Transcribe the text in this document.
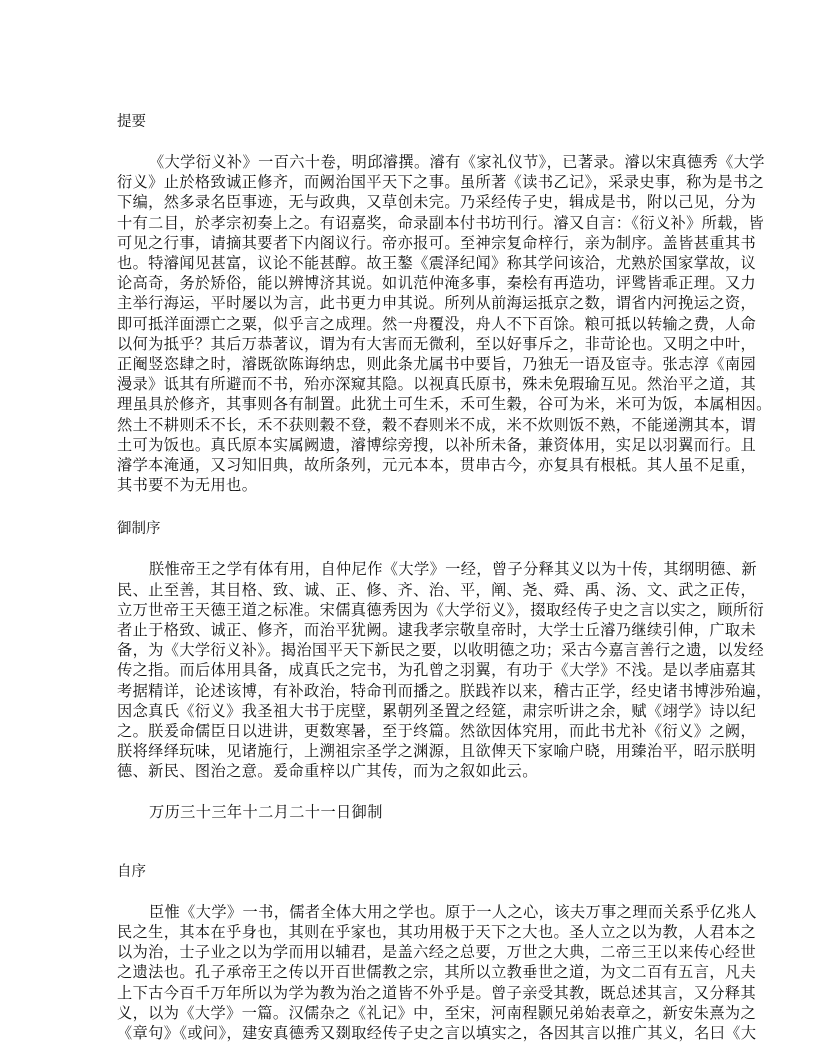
提要
《大学衍义补》一百六十卷，明邱濬撰。濬有《家礼仪节》，已著录。濬以宋真德秀《大学
衍义》止於格致诚正修齐，而阙治国平天下之事。虽所著《读书乙记》，采录史事，称为是书之
下编，然多录名臣事迹，无与政典，又草创未完。乃采经传子史，辑成是书，附以己见，分为
十有二目，於孝宗初奏上之。有诏嘉奖，命录副本付书坊刊行。濬又自言：《衍义补》所载，皆
可见之行事，请摘其要者下内阁议行。帝亦报可。至神宗复命梓行，亲为制序。盖皆甚重其书
也。特濬闻见甚富，议论不能甚醇。故王鏊《震泽纪闻》称其学问该洽，尤熟於国家掌故，议
论高奇，务於矫俗，能以辨博济其说。如讥范仲淹多事，秦桧有再造功，评骘皆乖正理。又力
主举行海运，平时屡以为言，此书更力申其说。所列从前海运抵京之数，谓省内河挽运之资，
即可抵洋面漂亡之粟，似乎言之成理。然一舟覆没，舟人不下百馀。粮可抵以转输之费，人命
以何为抵乎？其后万恭著议，谓为有大害而无微利，至以好事斥之，非苛论也。又明之中叶，
正阉竖恣肆之时，濬既欲陈诲纳忠，则此条尤属书中要旨，乃独无一语及宦寺。张志淳《南园
漫录》诋其有所避而不书，殆亦深窥其隐。以视真氏原书，殊未免瑕瑜互见。然治平之道，其
理虽具於修齐，其事则各有制置。此犹土可生禾，禾可生穀，谷可为米，米可为饭，本属相因。
然土不耕则禾不长，禾不获则穀不登，穀不舂则米不成，米不炊则饭不熟，不能递溯其本，谓
土可为饭也。真氏原本实属阙遗，濬博综旁搜，以补所未备，兼资体用，实足以羽翼而行。且
濬学本淹通，又习知旧典，故所条列，元元本本，贯串古今，亦复具有根柢。其人虽不足重，
其书要不为无用也。
御制序
朕惟帝王之学有体有用，自仲尼作《大学》一经，曾子分释其义以为十传，其纲明德、新
民、止至善，其目格、致、诚、正、修、齐、治、平，阐、尧、舜、禹、汤、文、武之正传，
立万世帝王天德王道之标准。宋儒真德秀因为《大学衍义》，掇取经传子史之言以实之，顾所衍
者止于格致、诚正、修齐，而治平犹阙。逮我孝宗敬皇帝时，大学士丘濬乃继续引伸，广取未
备，为《大学衍义补》。揭治国平天下新民之要，以收明德之功；采古今嘉言善行之遗，以发经
传之指。而后体用具备，成真氏之完书，为孔曾之羽翼，有功于《大学》不浅。是以孝庙嘉其
考据精详，论述该博，有补政治，特命刊而播之。朕践祚以来，稽古正学，经史诸书博涉殆遍，
因念真氏《衍义》我圣祖大书于庑壁，累朝列圣置之经筵，肃宗听讲之余，赋《翊学》诗以纪
之。朕爰命儒臣日以进讲，更数寒暑，至于终篇。然欲因体究用，而此书尤补《衍义》之阙，
朕将绎绎玩味，见诸施行，上溯祖宗圣学之渊源，且欲俾天下家喻户晓，用臻治平，昭示朕明
德、新民、图治之意。爰命重梓以广其传，而为之叙如此云。
万历三十三年十二月二十一日御制
自序
臣惟《大学》一书，儒者全体大用之学也。原于一人之心，该夫万事之理而关系乎亿兆人
民之生，其本在乎身也，其则在乎家也，其功用极于天下之大也。圣人立之以为教，人君本之
以为治，士子业之以为学而用以辅君，是盖六经之总要，万世之大典，二帝三王以来传心经世
之遗法也。孔子承帝王之传以开百世儒教之宗，其所以立教垂世之道，为文二百有五言，凡夫
上下古今百千万年所以为学为教为治之道皆不外乎是。曾子亲受其教，既总述其言，又分释其
义，以为《大学》一篇。汉儒杂之《礼记》中，至宋，河南程颢兄弟始表章之，新安朱熹为之
《章句》《或问》，建安真德秀又剟取经传子史之言以填实之，各因其言以推广其义，名曰《大
